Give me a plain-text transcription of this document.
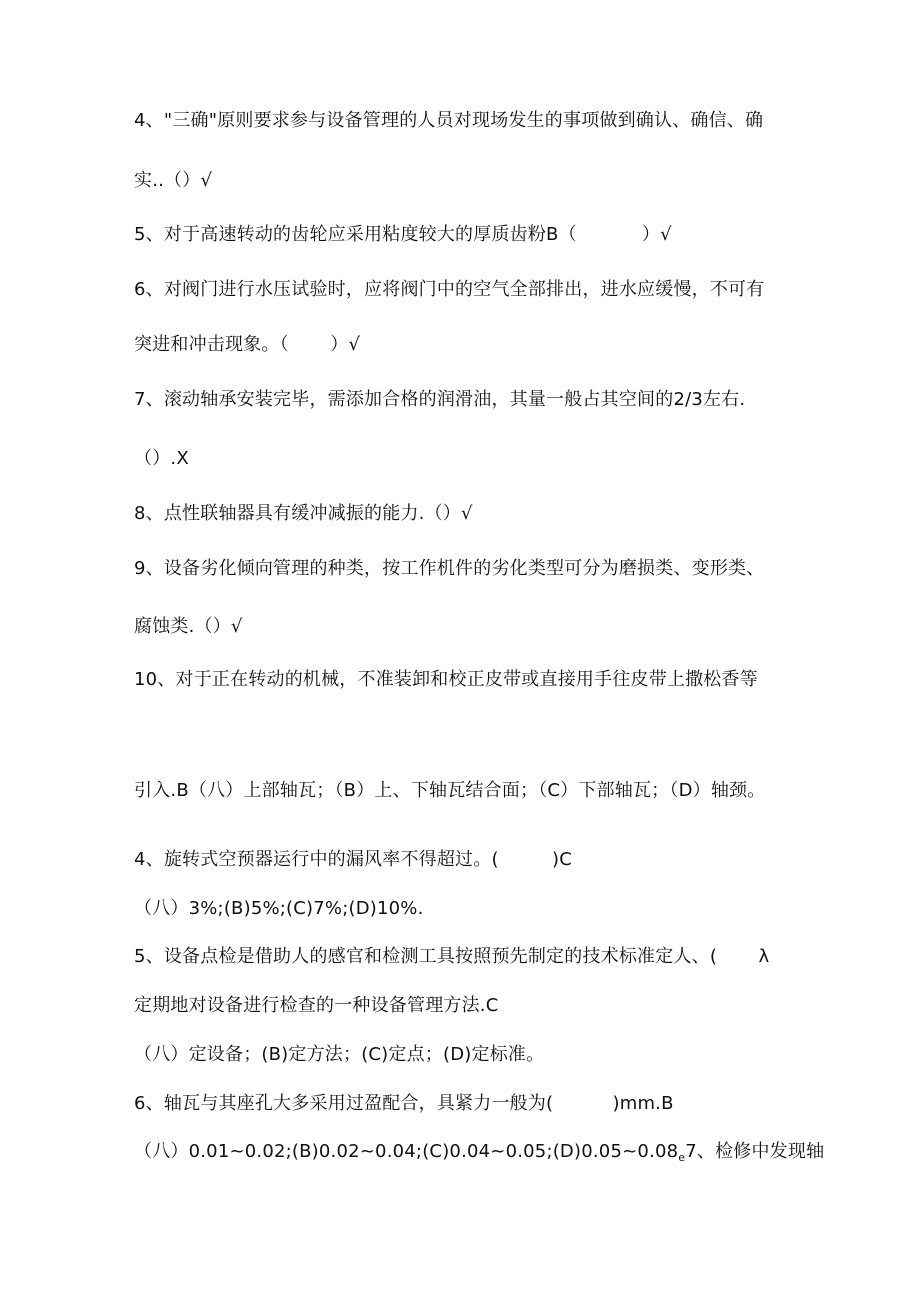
4、"三确"原则要求参与设备管理的人员对现场发生的事项做到确认、确信、确
实..（）√
5、对于高速转动的齿轮应采用粘度较大的厚质齿粉B（           ）√
6、对阀门进行水压试验时，应将阀门中的空气全部排出，进水应缓慢，不可有
突进和冲击现象。（       ）√
7、滚动轴承安装完毕，需添加合格的润滑油，其量一般占其空间的2/3左右.
（）.X
8、点性联轴器具有缓冲减振的能力.（）√
9、设备劣化倾向管理的种类，按工作机件的劣化类型可分为磨损类、变形类、
腐蚀类.（）√
10、对于正在转动的机械，不准装卸和校正皮带或直接用手往皮带上撒松香等
引入.B（八）上部轴瓦；（B）上、下轴瓦结合面；（C）下部轴瓦；（D）轴颈。
4、旋转式空预器运行中的漏风率不得超过。(         )C
（八）3%;(B)5%;(C)7%;(D)10%.
5、设备点检是借助人的感官和检测工具按照预先制定的技术标准定人、(       λ
定期地对设备进行检查的一种设备管理方法.C
（八）定设备；(B)定方法；(C)定点；(D)定标准。
6、轴瓦与其座孔大多采用过盈配合，具紧力一般为(          )mm.B
（八）$0.01\sim 0.02;(B)0.02\sim 0.04;(C)0.04\sim 0.05;(D)0.05\sim 0.08_e7$、检修中发现轴
